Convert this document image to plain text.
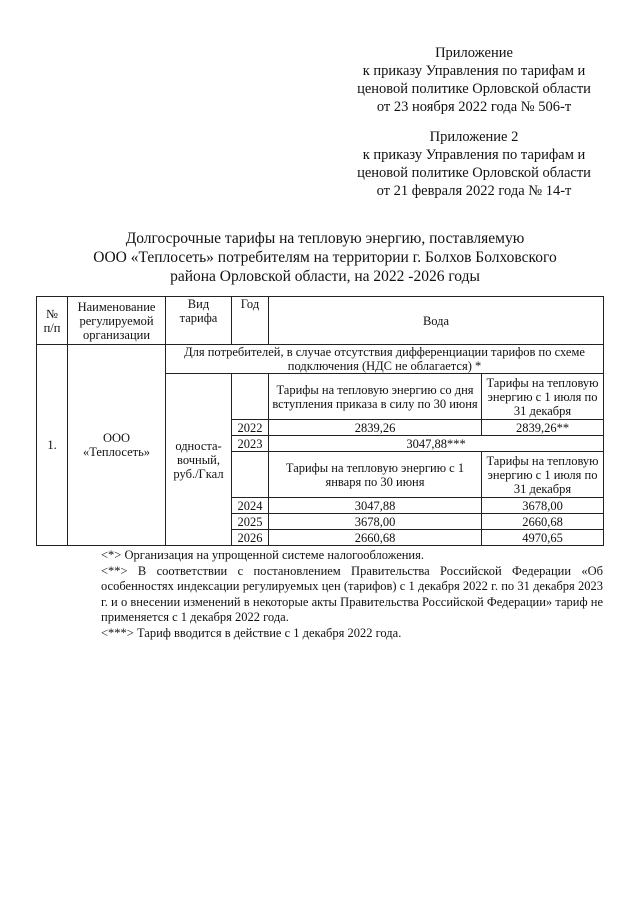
Приложение
к приказу Управления по тарифам и
ценовой политике Орловской области
от 23 ноября 2022 года № 506-т
Приложение 2
к приказу Управления по тарифам и
ценовой политике Орловской области
от 21 февраля 2022 года № 14-т
Долгосрочные тарифы на тепловую энергию, поставляемую
ООО «Теплосеть» потребителям на территории г. Болхов Болховского
района Орловской области, на 2022 -2026 годы
№ п/п	Наименование регулируемой организации	Вид тарифа	Год	Вода	
1.	ООО
«Теплосеть»	Для потребителей, в случае отсутствия дифференциации тарифов по схеме подключения (НДС не облагается) *			
		односта-вочный, руб./Гкал		Тарифы на тепловую энергию со дня вступления приказа в силу по 30 июня	Тарифы на тепловую энергию с 1 июля по 31 декабря
			2022	2839,26	2839,26**
			2023	3047,88***	
				Тарифы на тепловую энергию с 1 января по 30 июня	Тарифы на тепловую энергию с 1 июля по 31 декабря
			2024	3047,88	3678,00
			2025	3678,00	2660,68
			2026	2660,68	4970,65

<*> Организация на упрощенной системе налогообложения.

<**> В соответствии с постановлением Правительства Российской Федерации «Об особенностях индексации регулируемых цен (тарифов) с 1 декабря 2022 г. по 31 декабря 2023 г. и о внесении изменений в некоторые акты Правительства Российской Федерации» тариф не применяется с 1 декабря 2022 года.

<***> Тариф вводится в действие с 1 декабря 2022 года.
